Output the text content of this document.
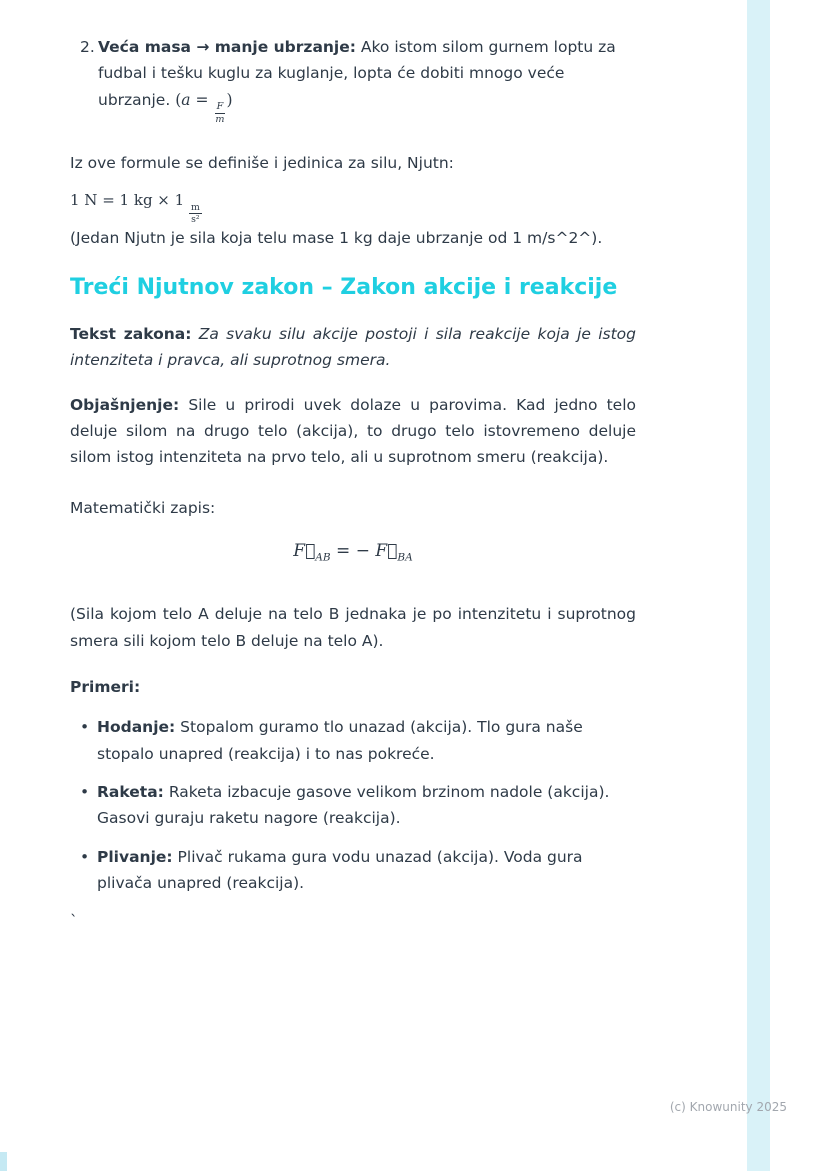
2. Veća masa → manje ubrzanje: Ako istom silom gurnem loptu za fudbal i tešku kuglu za kuglanje, lopta će dobiti mnogo veće ubrzanje. (a =
$\frac{F}{m}$
)

Iz ove formule se definiše i jedinica za silu, Njutn:

1 N = 1 kg × 1
$\frac{m}{\text{s²}}$

(Jedan Njutn je sila koja telu mase 1 kg daje ubrzanje od 1 m/s^2^).

Treći Njutnov zakon – Zakon akcije i reakcije

Tekst zakona: Za svaku silu akcije postoji i sila reakcije koja je istog intenziteta i pravca, ali suprotnog smera.

Objašnjenje: Sile u prirodi uvek dolaze u parovima. Kad jedno telo deluje silom na drugo telo (akcija), to drugo telo istovremeno deluje silom istog intenziteta na prvo telo, ali u suprotnom smeru (reakcija).

Matematički zapis:

$F⃗_{AB}$ = − $F⃗_{BA}$

(Sila kojom telo A deluje na telo B jednaka je po intenzitetu i suprotnog smera sili kojom telo B deluje na telo A).

Primeri:

• Hodanje: Stopalom guramo tlo unazad (akcija). Tlo gura naše stopalo unapred (reakcija) i to nas pokreće.

• Raketa: Raketa izbacuje gasove velikom brzinom nadole (akcija). Gasovi guraju raketu nagore (reakcija).

• Plivanje: Plivač rukama gura vodu unazad (akcija). Voda gura plivača unapred (reakcija).

`

(c) Knowunity 2025
